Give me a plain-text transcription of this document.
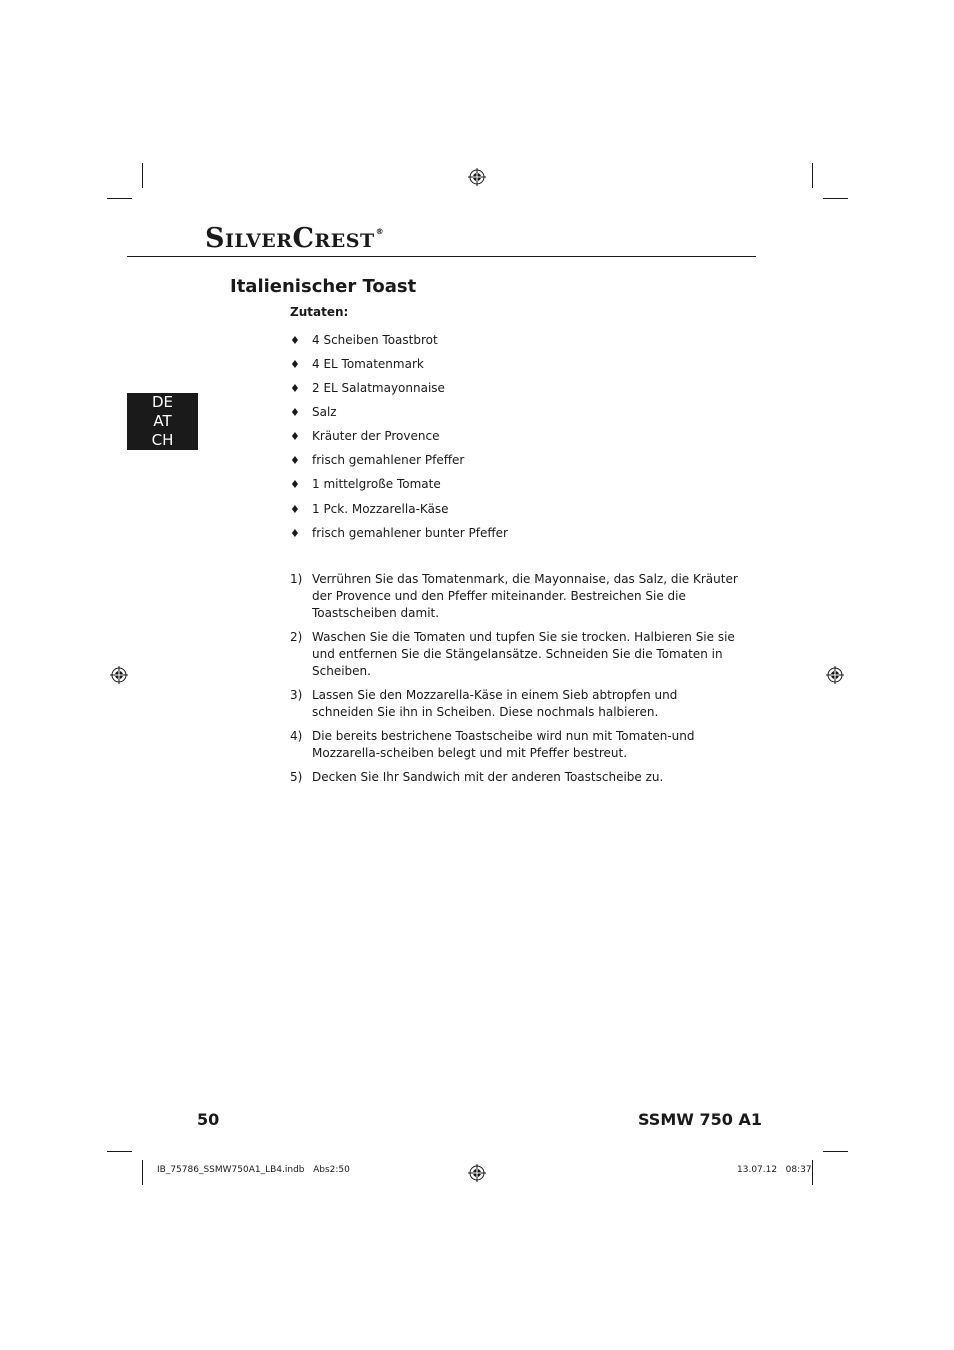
SILVERCREST®
DE
AT
CH
Italienischer Toast
Zutaten:
♦ 4 Scheiben Toastbrot
♦ 4 EL Tomatenmark
♦ 2 EL Salatmayonnaise
♦ Salz
♦ Kräuter der Provence
♦ frisch gemahlener Pfeffer
♦ 1 mittelgroße Tomate
♦ 1 Pck. Mozzarella-Käse
♦ frisch gemahlener bunter Pfeffer
1) Verrühren Sie das Tomatenmark, die Mayonnaise, das Salz, die Kräuter der Provence und den Pfeffer miteinander. Bestreichen Sie die Toastscheiben damit.
2) Waschen Sie die Tomaten und tupfen Sie sie trocken. Halbieren Sie sie und entfernen Sie die Stängelansätze. Schneiden Sie die Tomaten in Scheiben.
3) Lassen Sie den Mozzarella-Käse in einem Sieb abtropfen und schneiden Sie ihn in Scheiben. Diese nochmals halbieren.
4) Die bereits bestrichene Toastscheibe wird nun mit Tomaten-und Mozzarella-scheiben belegt und mit Pfeffer bestreut.
5) Decken Sie Ihr Sandwich mit der anderen Toastscheibe zu.
50	SSMW 750 A1
IB_75786_SSMW750A1_LB4.indb   Abs2:50	13.07.12   08:37
